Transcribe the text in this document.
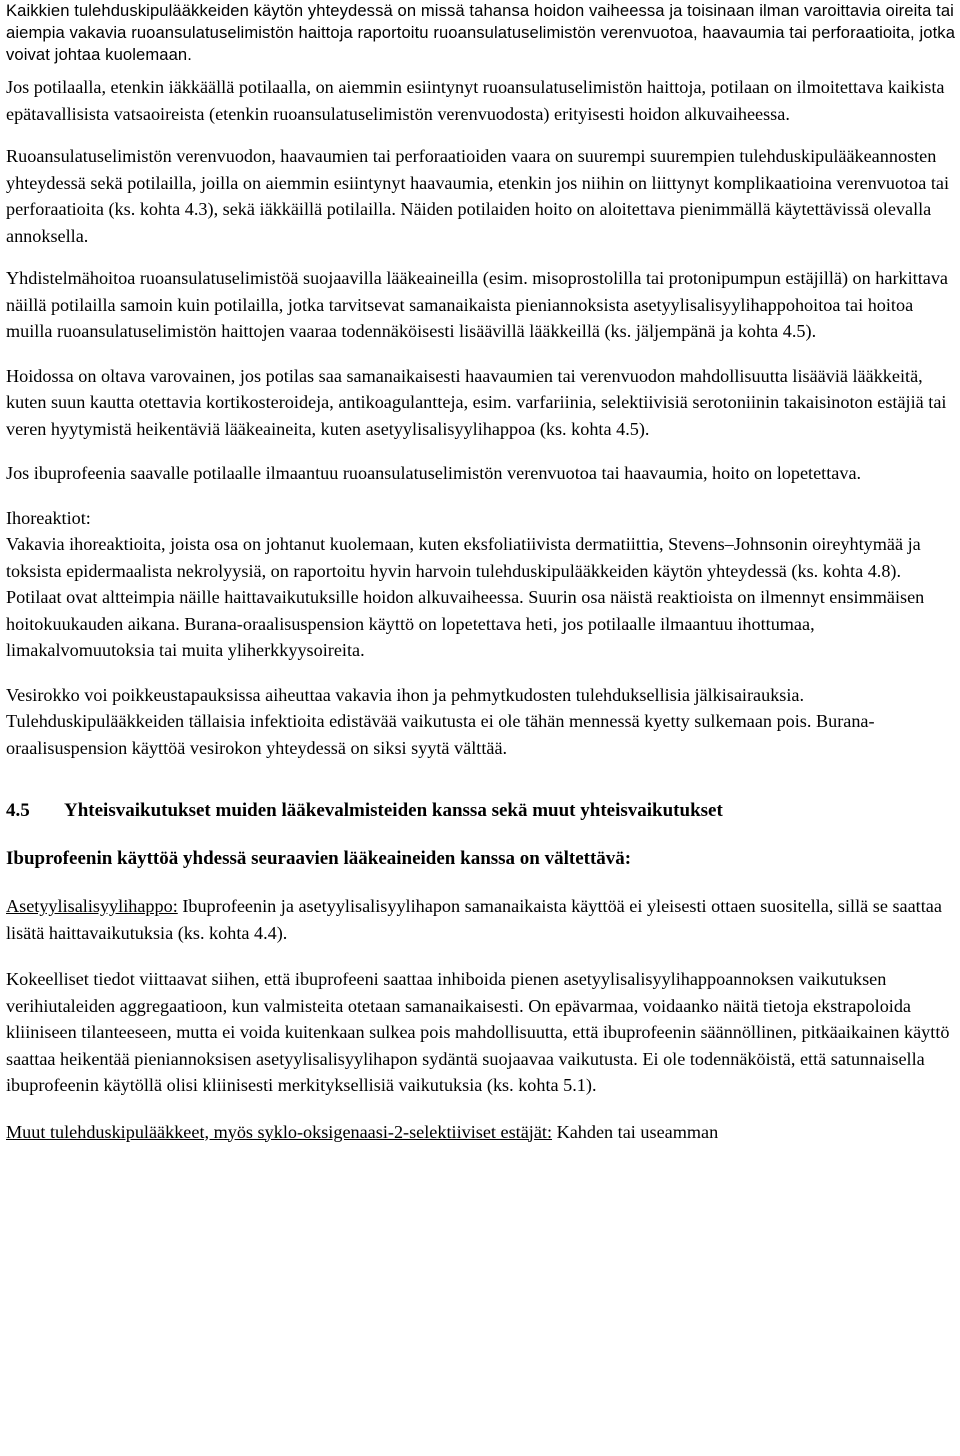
Kaikkien tulehduskipulääkkeiden käytön yhteydessä on missä tahansa hoidon vaiheessa ja toisinaan ilman varoittavia oireita tai aiempia vakavia ruoansulatuselimistön haittoja raportoitu ruoansulatuselimistön verenvuotoa, haavaumia tai perforaatioita, jotka voivat johtaa kuolemaan.

Jos potilaalla, etenkin iäkkäällä potilaalla, on aiemmin esiintynyt ruoansulatuselimistön haittoja, potilaan on ilmoitettava kaikista epätavallisista vatsaoireista (etenkin ruoansulatuselimistön verenvuodosta) erityisesti hoidon alkuvaiheessa.

Ruoansulatuselimistön verenvuodon, haavaumien tai perforaatioiden vaara on suurempi suurempien tulehduskipulääkeannosten yhteydessä sekä potilailla, joilla on aiemmin esiintynyt haavaumia, etenkin jos niihin on liittynyt komplikaatioina verenvuotoa tai perforaatioita (ks. kohta 4.3), sekä iäkkäillä potilailla. Näiden potilaiden hoito on aloitettava pienimmällä käytettävissä olevalla annoksella.

Yhdistelmähoitoa ruoansulatuselimistöä suojaavilla lääkeaineilla (esim. misoprostolilla tai protonipumpun estäjillä) on harkittava näillä potilailla samoin kuin potilailla, jotka tarvitsevat samanaikaista pieniannoksista asetyylisalisyylihappohoitoa tai hoitoa muilla ruoansulatuselimistön haittojen vaaraa todennäköisesti lisäävillä lääkkeillä (ks. jäljempänä ja kohta 4.5).

Hoidossa on oltava varovainen, jos potilas saa samanaikaisesti haavaumien tai verenvuodon mahdollisuutta lisääviä lääkkeitä, kuten suun kautta otettavia kortikosteroideja, antikoagulantteja, esim. varfariinia, selektiivisiä serotoniinin takaisinoton estäjiä tai veren hyytymistä heikentäviä lääkeaineita, kuten asetyylisalisyylihappoa (ks. kohta 4.5).

Jos ibuprofeenia saavalle potilaalle ilmaantuu ruoansulatuselimistön verenvuotoa tai haavaumia, hoito on lopetettava.

Ihoreaktiot:
Vakavia ihoreaktioita, joista osa on johtanut kuolemaan, kuten eksfoliatiivista dermatiittia, Stevens–Johnsonin oireyhtymää ja toksista epidermaalista nekrolyysiä, on raportoitu hyvin harvoin tulehduskipulääkkeiden käytön yhteydessä (ks. kohta 4.8). Potilaat ovat altteimpia näille haittavaikutuksille hoidon alkuvaiheessa. Suurin osa näistä reaktioista on ilmennyt ensimmäisen hoitokuukauden aikana. Burana-oraalisuspension käyttö on lopetettava heti, jos potilaalle ilmaantuu ihottumaa, limakalvomuutoksia tai muita yliherkkyysoireita.

Vesirokko voi poikkeustapauksissa aiheuttaa vakavia ihon ja pehmytkudosten tulehduksellisia jälkisairauksia. Tulehduskipulääkkeiden tällaisia infektioita edistävää vaikutusta ei ole tähän mennessä kyetty sulkemaan pois. Burana-oraalisuspension käyttöä vesirokon yhteydessä on siksi syytä välttää.

4.5 Yhteisvaikutukset muiden lääkevalmisteiden kanssa sekä muut yhteisvaikutukset
Ibuprofeenin käyttöä yhdessä seuraavien lääkeaineiden kanssa on vältettävä:

Asetyylisalisyylihappo: Ibuprofeenin ja asetyylisalisyylihapon samanaikaista käyttöä ei yleisesti ottaen suositella, sillä se saattaa lisätä haittavaikutuksia (ks. kohta 4.4).

Kokeelliset tiedot viittaavat siihen, että ibuprofeeni saattaa inhiboida pienen asetyylisalisyylihappoannoksen vaikutuksen verihiutaleiden aggregaatioon, kun valmisteita otetaan samanaikaisesti. On epävarmaa, voidaanko näitä tietoja ekstrapoloida kliiniseen tilanteeseen, mutta ei voida kuitenkaan sulkea pois mahdollisuutta, että ibuprofeenin säännöllinen, pitkäaikainen käyttö saattaa heikentää pieniannoksisen asetyylisalisyylihapon sydäntä suojaavaa vaikutusta. Ei ole todennäköistä, että satunnaisella ibuprofeenin käytöllä olisi kliinisesti merkityksellisiä vaikutuksia (ks. kohta 5.1).

Muut tulehduskipulääkkeet, myös syklo-oksigenaasi-2-selektiiviset estäjät: Kahden tai useamman
